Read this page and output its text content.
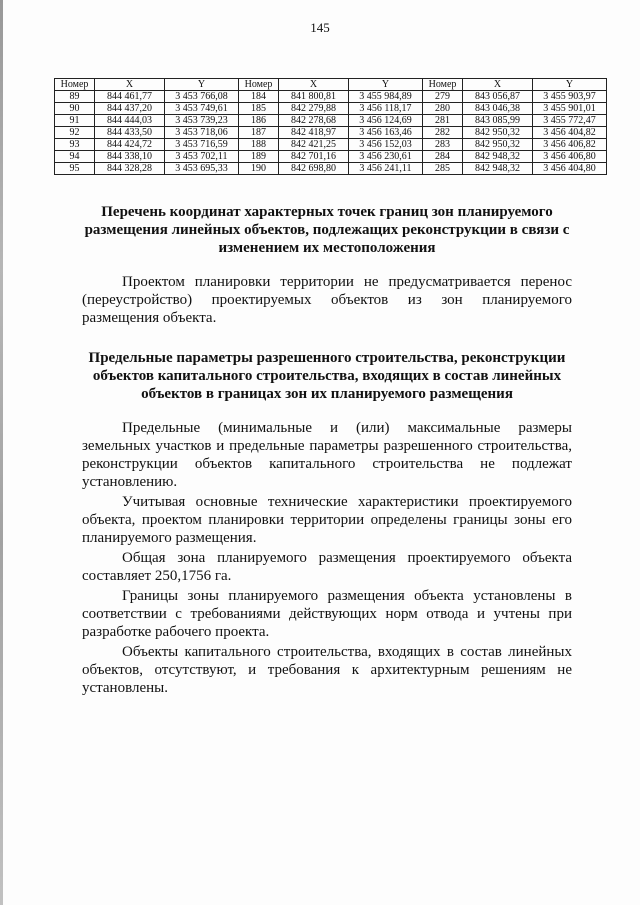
145
Номер	X	Y	Номер	X	Y	Номер	X	Y
89	844 461,77	3 453 766,08	184	841 800,81	3 455 984,89	279	843 056,87	3 455 903,97
90	844 437,20	3 453 749,61	185	842 279,88	3 456 118,17	280	843 046,38	3 455 901,01
91	844 444,03	3 453 739,23	186	842 278,68	3 456 124,69	281	843 085,99	3 455 772,47
92	844 433,50	3 453 718,06	187	842 418,97	3 456 163,46	282	842 950,32	3 456 404,82
93	844 424,72	3 453 716,59	188	842 421,25	3 456 152,03	283	842 950,32	3 456 406,82
94	844 338,10	3 453 702,11	189	842 701,16	3 456 230,61	284	842 948,32	3 456 406,80
95	844 328,28	3 453 695,33	190	842 698,80	3 456 241,11	285	842 948,32	3 456 404,80

Перечень координат характерных точек границ зон планируемого размещения линейных объектов, подлежащих реконструкции в связи с изменением их местоположения

Проектом планировки территории не предусматривается перенос (переустройство) проектируемых объектов из зон планируемого размещения объекта.

Предельные параметры разрешенного строительства, реконструкции объектов капитального строительства, входящих в состав линейных объектов в границах зон их планируемого размещения

Предельные (минимальные и (или) максимальные размеры земельных участков и предельные параметры разрешенного строительства, реконструкции объектов капитального строительства не подлежат установлению.

Учитывая основные технические характеристики проектируемого объекта, проектом планировки территории определены границы зоны его планируемого размещения.

Общая зона планируемого размещения проектируемого объекта составляет 250,1756 га.

Границы зоны планируемого размещения объекта установлены в соответствии с требованиями действующих норм отвода и учтены при разработке рабочего проекта.

Объекты капитального строительства, входящих в состав линейных объектов, отсутствуют, и требования к архитектурным решениям не установлены.
